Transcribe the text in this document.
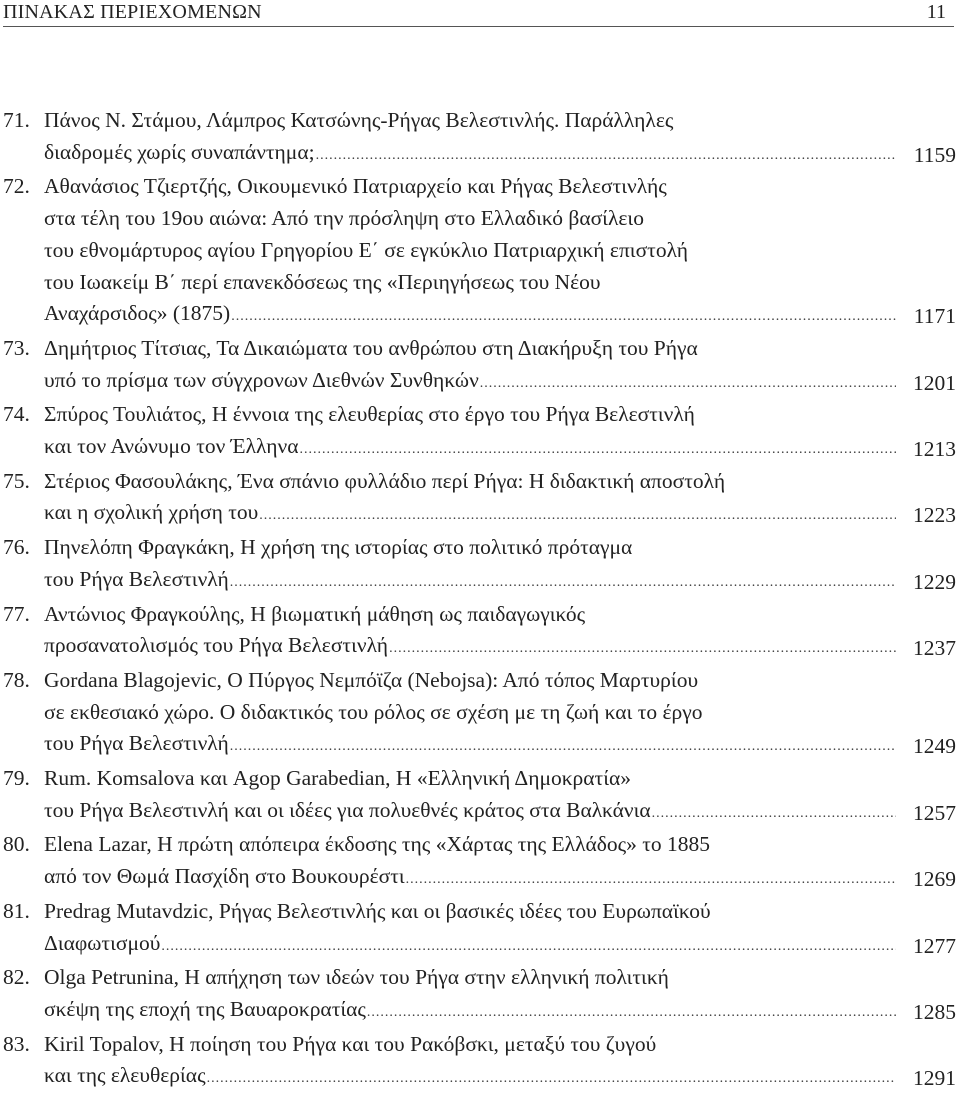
ΠΙΝΑΚΑΣ ΠΕΡΙΕΧΟΜΕΝΩΝ	11
71. Πάνος Ν. Στάμου, Λάμπρος Κατσώνης-Ρήγας Βελεστινλής. Παράλληλες
διαδρομές χωρίς συναπάντημα; .....	1159
72. Αθανάσιος Τζιερτζής, Οικουμενικό Πατριαρχείο και Ρήγας Βελεστινλής
στα τέλη του 19ου αιώνα: Από την πρόσληψη στο Ελλαδικό βασίλειο
του εθνομάρτυρος αγίου Γρηγορίου Ε΄ σε εγκύκλιο Πατριαρχική επιστολή
του Ιωακείμ Β΄ περί επανεκδόσεως της «Περιηγήσεως του Νέου
Αναχάρσιδος» (1875) .....	1171
73. Δημήτριος Τίτσιας, Τα Δικαιώματα του ανθρώπου στη Διακήρυξη του Ρήγα
υπό το πρίσμα των σύγχρονων Διεθνών Συνθηκών .....	1201
74. Σπύρος Τουλιάτος, Η έννοια της ελευθερίας στο έργο του Ρήγα Βελεστινλή
και τον Ανώνυμο τον Έλληνα .....	1213
75. Στέριος Φασουλάκης, Ένα σπάνιο φυλλάδιο περί Ρήγα: Η διδακτική αποστολή
και η σχολική χρήση του .....	1223
76. Πηνελόπη Φραγκάκη, Η χρήση της ιστορίας στο πολιτικό πρόταγμα
του Ρήγα Βελεστινλή .....	1229
77. Αντώνιος Φραγκούλης, Η βιωματική μάθηση ως παιδαγωγικός
προσανατολισμός του Ρήγα Βελεστινλή .....	1237
78. Gordana Blagojevic, Ο Πύργος Νεμπόϊζα (Nebojsa): Από τόπος Μαρτυρίου
σε εκθεσιακό χώρο. Ο διδακτικός του ρόλος σε σχέση με τη ζωή και το έργο
του Ρήγα Βελεστινλή .....	1249
79. Rum. Komsalova και Agop Garabedian, Η «Ελληνική Δημοκρατία»
του Ρήγα Βελεστινλή και οι ιδέες για πολυεθνές κράτος στα Βαλκάνια .....	1257
80. Elena Lazar, Η πρώτη απόπειρα έκδοσης της «Χάρτας της Ελλάδος» το 1885
από τον Θωμά Πασχίδη στο Βουκουρέστι .....	1269
81. Predrag Mutavdzic, Ρήγας Βελεστινλής και οι βασικές ιδέες του Ευρωπαϊκού
Διαφωτισμού .....	1277
82. Olga Petrunina, Η απήχηση των ιδεών του Ρήγα στην ελληνική πολιτική
σκέψη της εποχή της Βαυαροκρατίας .....	1285
83. Kiril Topalov, Η ποίηση του Ρήγα και του Ρακόβσκι, μεταξύ του ζυγού
και της ελευθερίας .....	1291
